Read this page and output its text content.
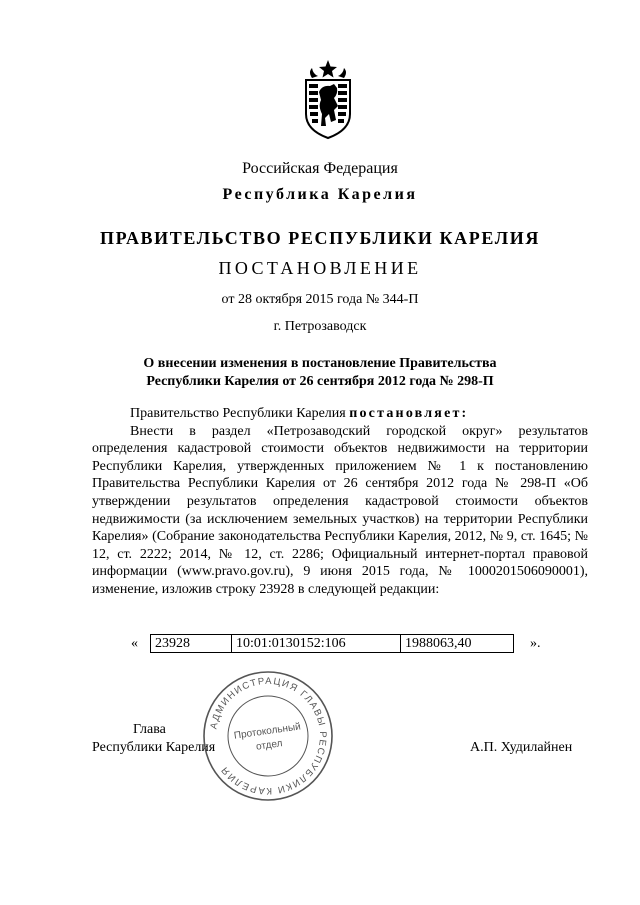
Российская Федерация
Республика Карелия
ПРАВИТЕЛЬСТВО РЕСПУБЛИКИ КАРЕЛИЯ
ПОСТАНОВЛЕНИЕ
от 28 октября 2015 года № 344-П
г. Петрозаводск
О внесении изменения в постановление Правительства
Республики Карелия от 26 сентября 2012 года № 298-П

Правительство Республики Карелия постановляет:

Внести в раздел «Петрозаводский городской округ» результатов определения кадастровой стоимости объектов недвижимости на территории Республики Карелия, утвержденных приложением № 1 к постановлению Правительства Республики Карелия от 26 сентября 2012 года № 298-П «Об утверждении результатов определения кадастровой стоимости объектов недвижимости (за исключением земельных участков) на территории Республики Карелия» (Собрание законодательства Республики Карелия, 2012, № 9, ст. 1645; № 12, ст. 2222; 2014, № 12, ст. 2286; Официальный интернет-портал правовой информации (www.pravo.gov.ru), 9 июня 2015 года, № 1000201506090001), изменение, изложив строку 23928 в следующей редакции:

« 23928	10:01:0130152:106	1988063,40	».
Глава
Республики Карелия	А.П. Худилайнен
АДМИНИСТРАЦИЯ ГЛАВЫ РЕСПУБЛИКИ КАРЕЛИЯ
Протокольный
отдел
